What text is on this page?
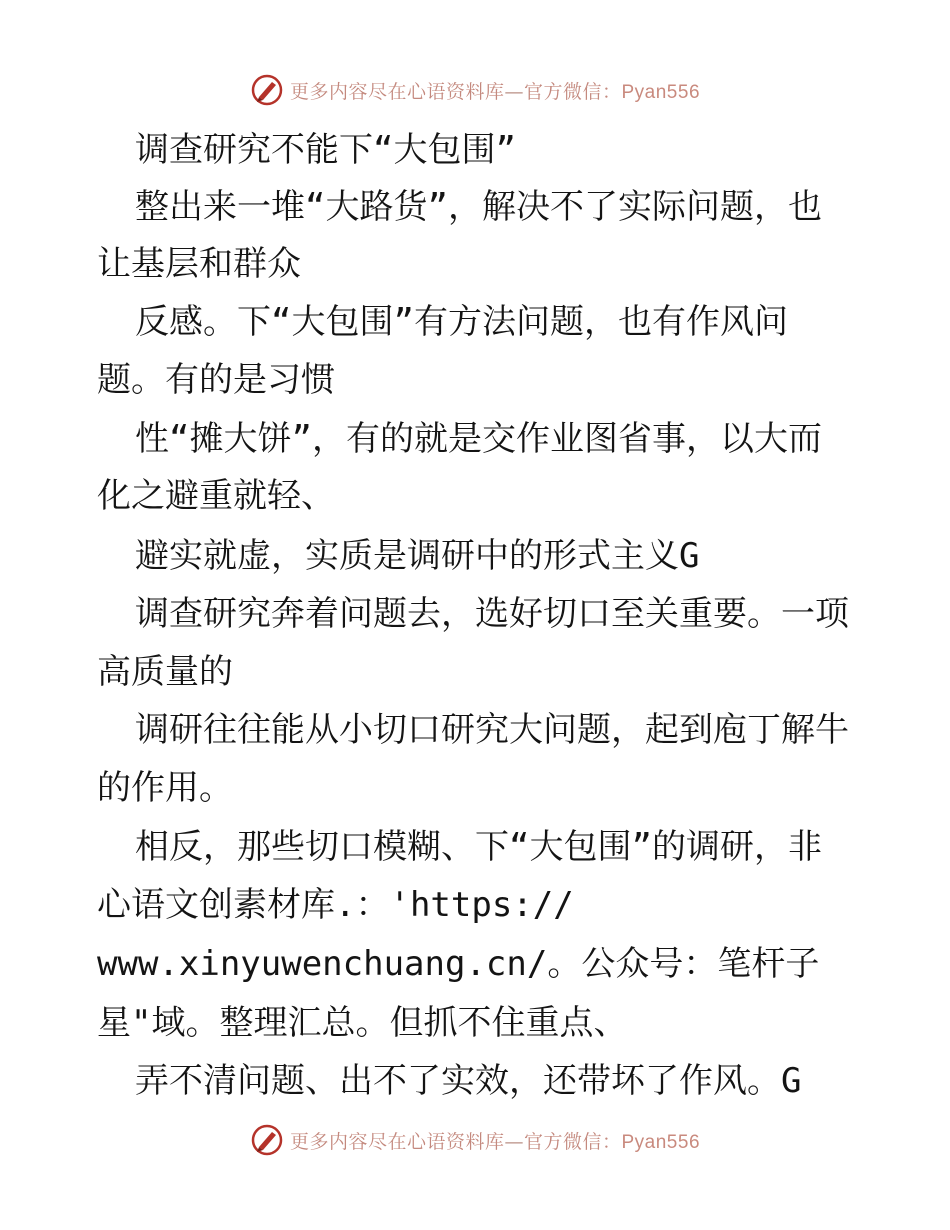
更多内容尽在心语资料库—官方微信：Pyan556
调查研究不能下“大包围”
整出来一堆“大路货”，解决不了实际问题，也
让基层和群众
反感。下“大包围”有方法问题，也有作风问
题。有的是习惯
性“摊大饼”，有的就是交作业图省事，以大而
化之避重就轻、
避实就虚，实质是调研中的形式主义G
调查研究奔着问题去，选好切口至关重要。一项
高质量的
调研往往能从小切口研究大问题，起到庖丁解牛
的作用。
相反，那些切口模糊、下“大包围”的调研，非
心语文创素材库.：'https://
www.xinyuwenchuang.cn/。公众号：笔杆子
星"域。整理汇总。但抓不住重点、
弄不清问题、出不了实效，还带坏了作风。G
更多内容尽在心语资料库—官方微信：Pyan556
